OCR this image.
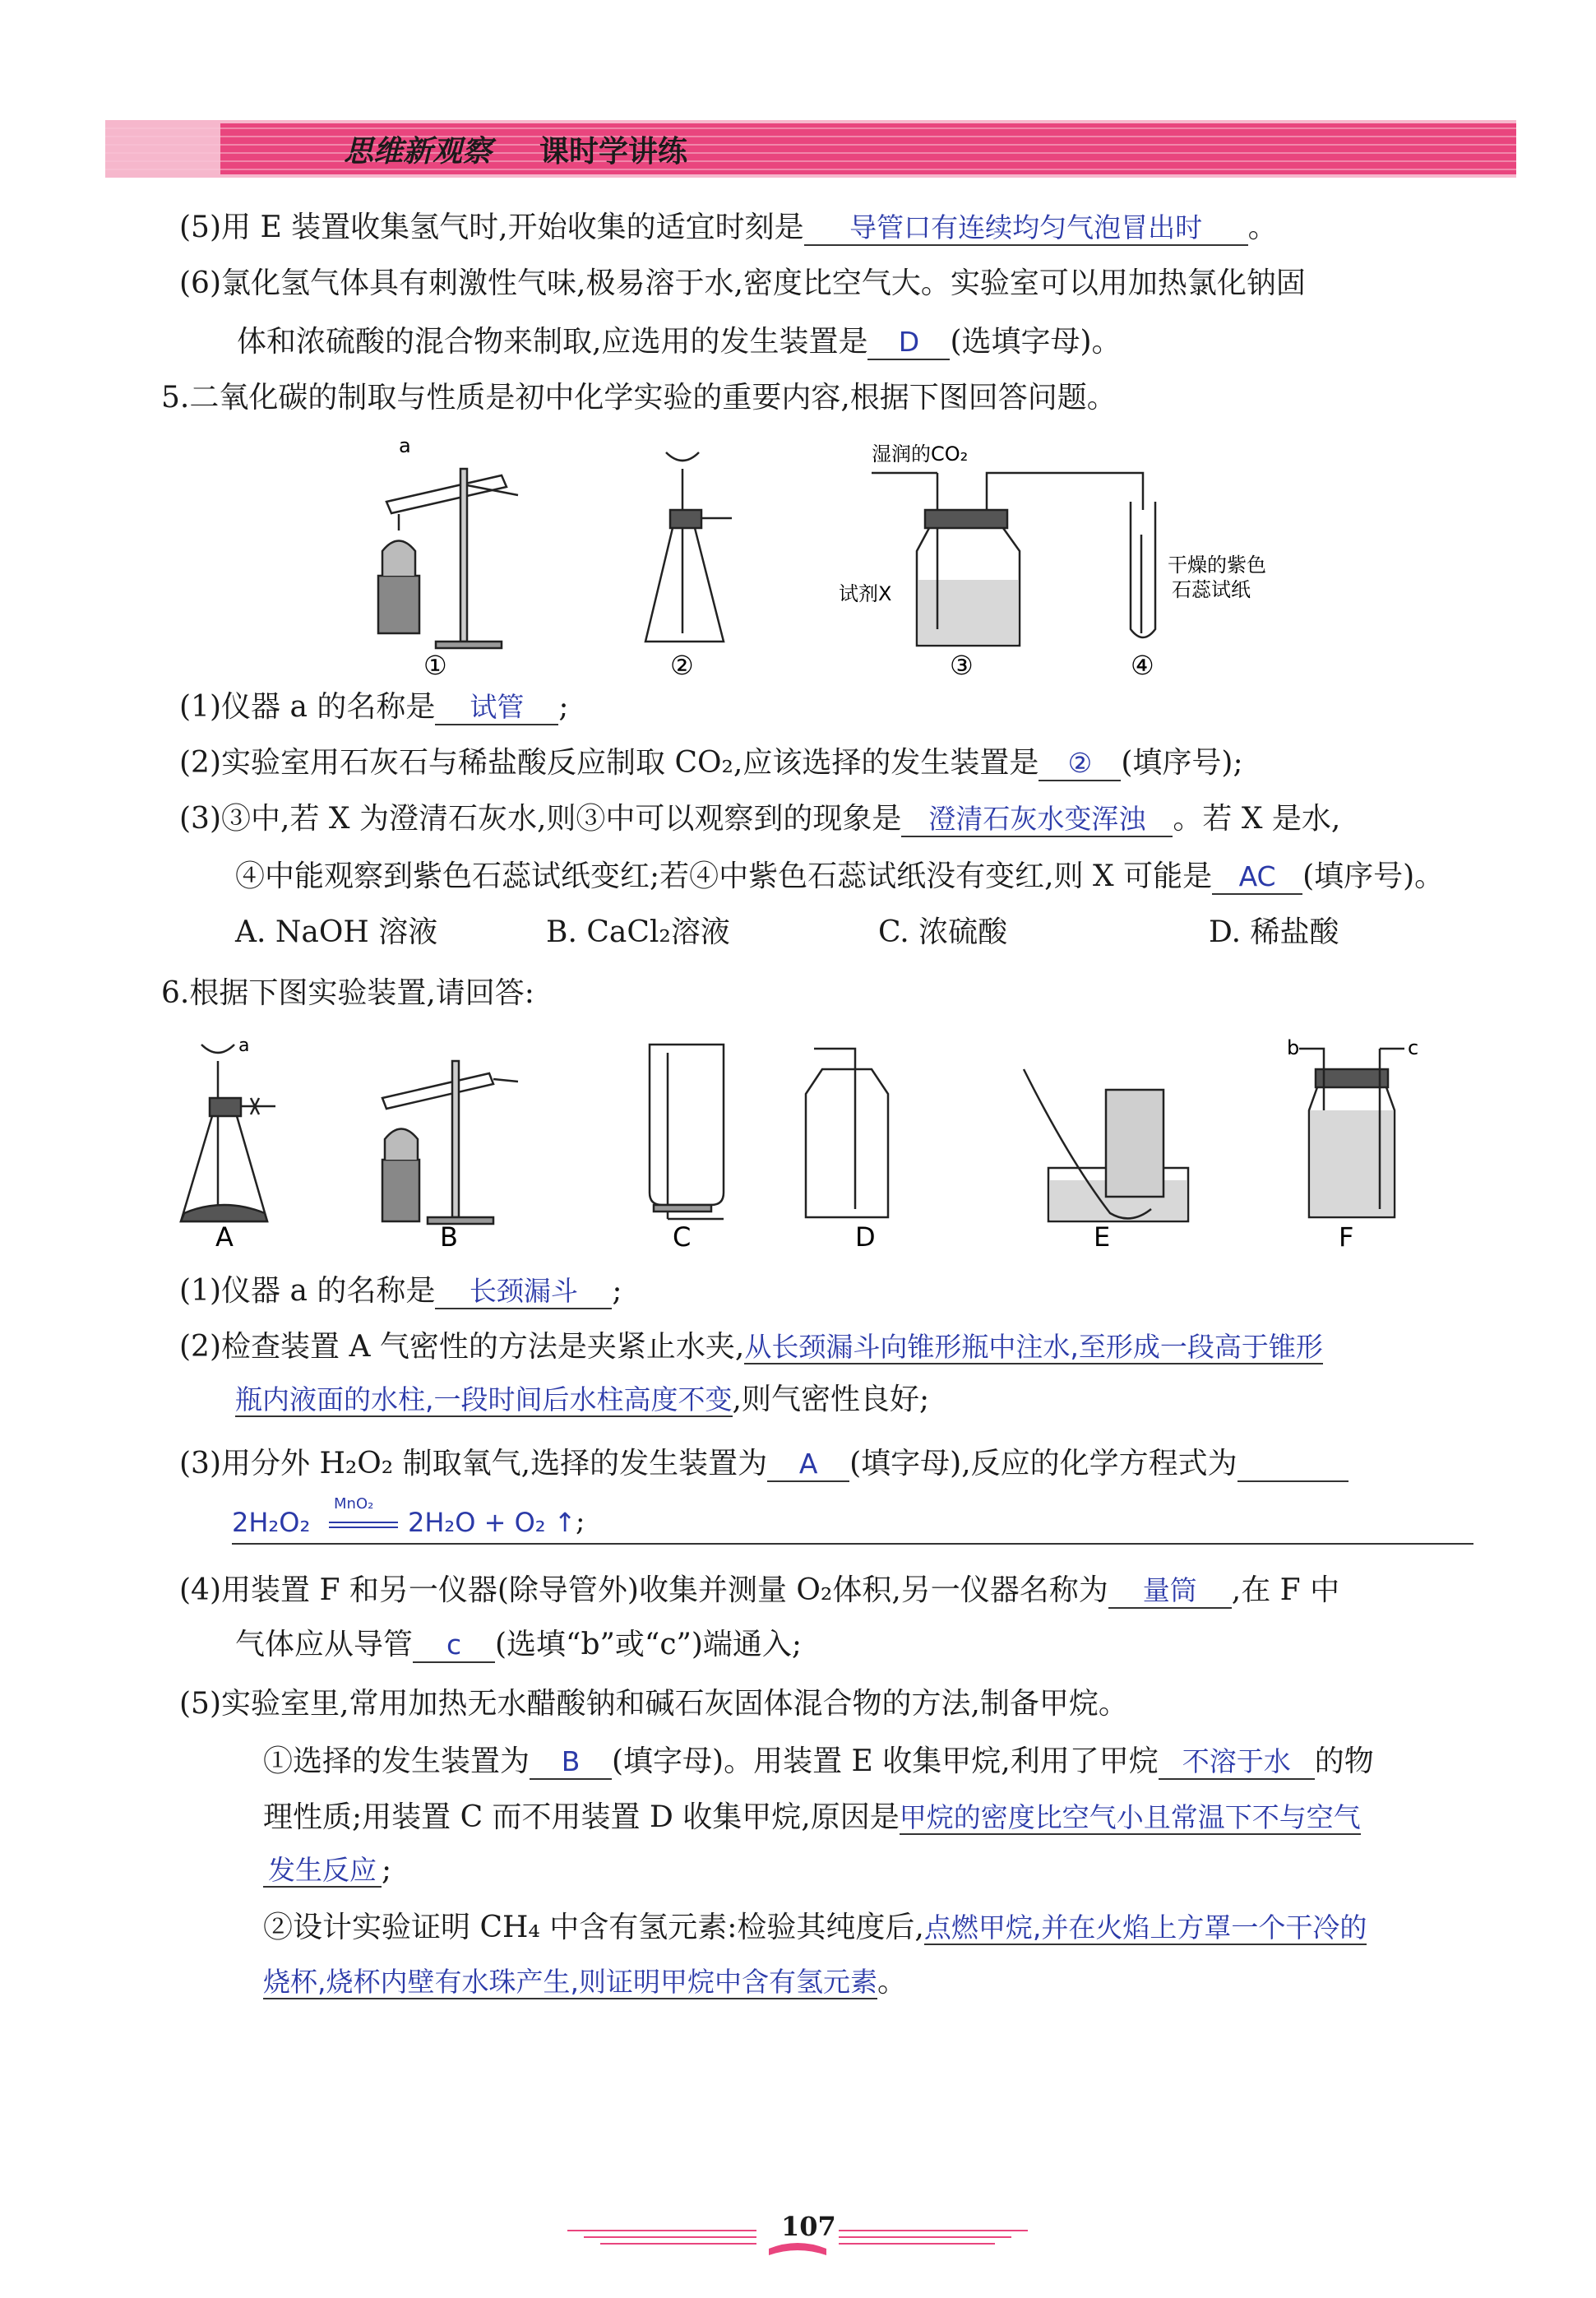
思维新观察 课时学讲练
(5)用 E 装置收集氢气时,开始收集的适宜时刻是 导管口有连续均匀气泡冒出时 。
(6)氯化氢气体具有刺激性气味,极易溶于水,密度比空气大。实验室可以用加热氯化钠固
体和浓硫酸的混合物来制取,应选用的发生装置是 D (选填字母)。
5.二氧化碳的制取与性质是初中化学实验的重要内容,根据下图回答问题。
a
①	②
湿润的CO₂
试剂X
③
干燥的紫色
石蕊试纸
④
(1)仪器 a 的名称是 试管 ;
(2)实验室用石灰石与稀盐酸反应制取 CO₂,应该选择的发生装置是 ② (填序号);
(3)③中,若 X 为澄清石灰水,则③中可以观察到的现象是 澄清石灰水变浑浊 。若 X 是水,
④中能观察到紫色石蕊试纸变红;若④中紫色石蕊试纸没有变红,则 X 可能是 AC (填序号)。
A. NaOH 溶液	B. CaCl₂溶液	C. 浓硫酸	D. 稀盐酸
6.根据下图实验装置,请回答:
a
A	B	C	D	E
b	c
F
(1)仪器 a 的名称是 长颈漏斗 ;
(2)检查装置 A 气密性的方法是夹紧止水夹,从长颈漏斗向锥形瓶中注水,至形成一段高于锥形
瓶内液面的水柱,一段时间后水柱高度不变,则气密性良好;
(3)用分外 H₂O₂ 制取氧气,选择的发生装置为 A (填字母),反应的化学方程式为
2H₂O₂
MnO₂
2H₂O + O₂ ↑ ;
(4)用装置 F 和另一仪器(除导管外)收集并测量 O₂体积,另一仪器名称为 量筒 ,在 F 中
气体应从导管 c (选填“b”或“c”)端通入;
(5)实验室里,常用加热无水醋酸钠和碱石灰固体混合物的方法,制备甲烷。
①选择的发生装置为 B (填字母)。用装置 E 收集甲烷,利用了甲烷 不溶于水 的物
理性质;用装置 C 而不用装置 D 收集甲烷,原因是甲烷的密度比空气小且常温下不与空气
发生反应 ;
②设计实验证明 CH₄ 中含有氢元素:检验其纯度后,点燃甲烷,并在火焰上方罩一个干冷的
烧杯,烧杯内壁有水珠产生,则证明甲烷中含有氢元素。
107
